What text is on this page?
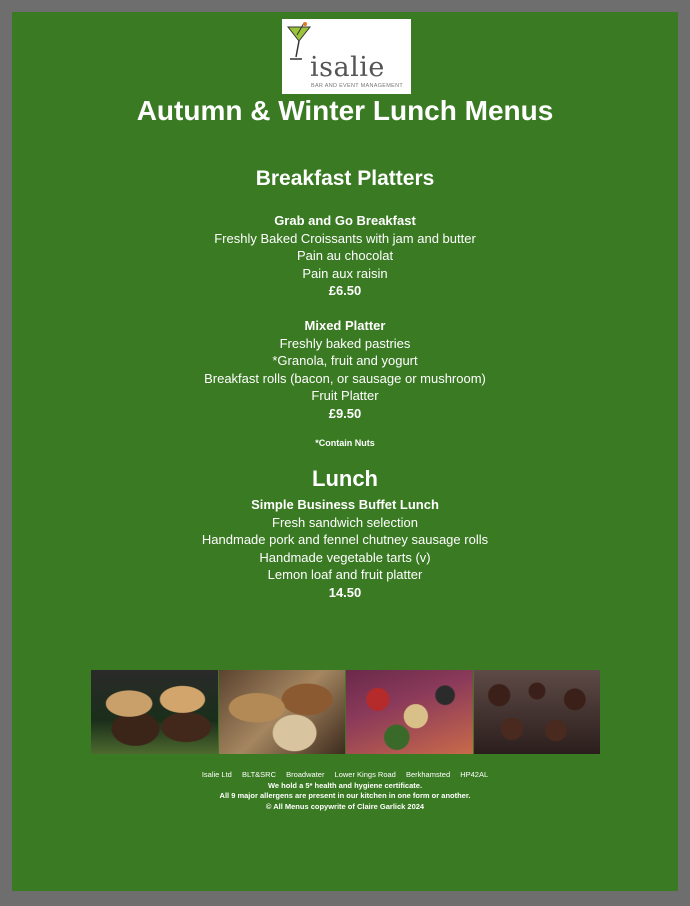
isalie
BAR AND EVENT MANAGEMENT
Autumn & Winter Lunch Menus
Breakfast Platters
Grab and Go Breakfast
Freshly Baked Croissants with jam and butter
Pain au chocolat
Pain aux raisin
£6.50
Mixed Platter
Freshly baked pastries
*Granola, fruit and yogurt
Breakfast rolls (bacon, or sausage or mushroom)
Fruit Platter
£9.50
*Contain Nuts
Lunch
Simple Business Buffet Lunch
Fresh sandwich selection
Handmade pork and fennel chutney sausage rolls
Handmade vegetable tarts (v)
Lemon loaf and fruit platter
14.50
Isalie Ltd BLT&SRC Broadwater Lower Kings Road Berkhamsted HP42AL
We hold a 5* health and hygiene certificate.
All 9 major allergens are present in our kitchen in one form or another.
© All Menus copywrite of Claire Garlick 2024
